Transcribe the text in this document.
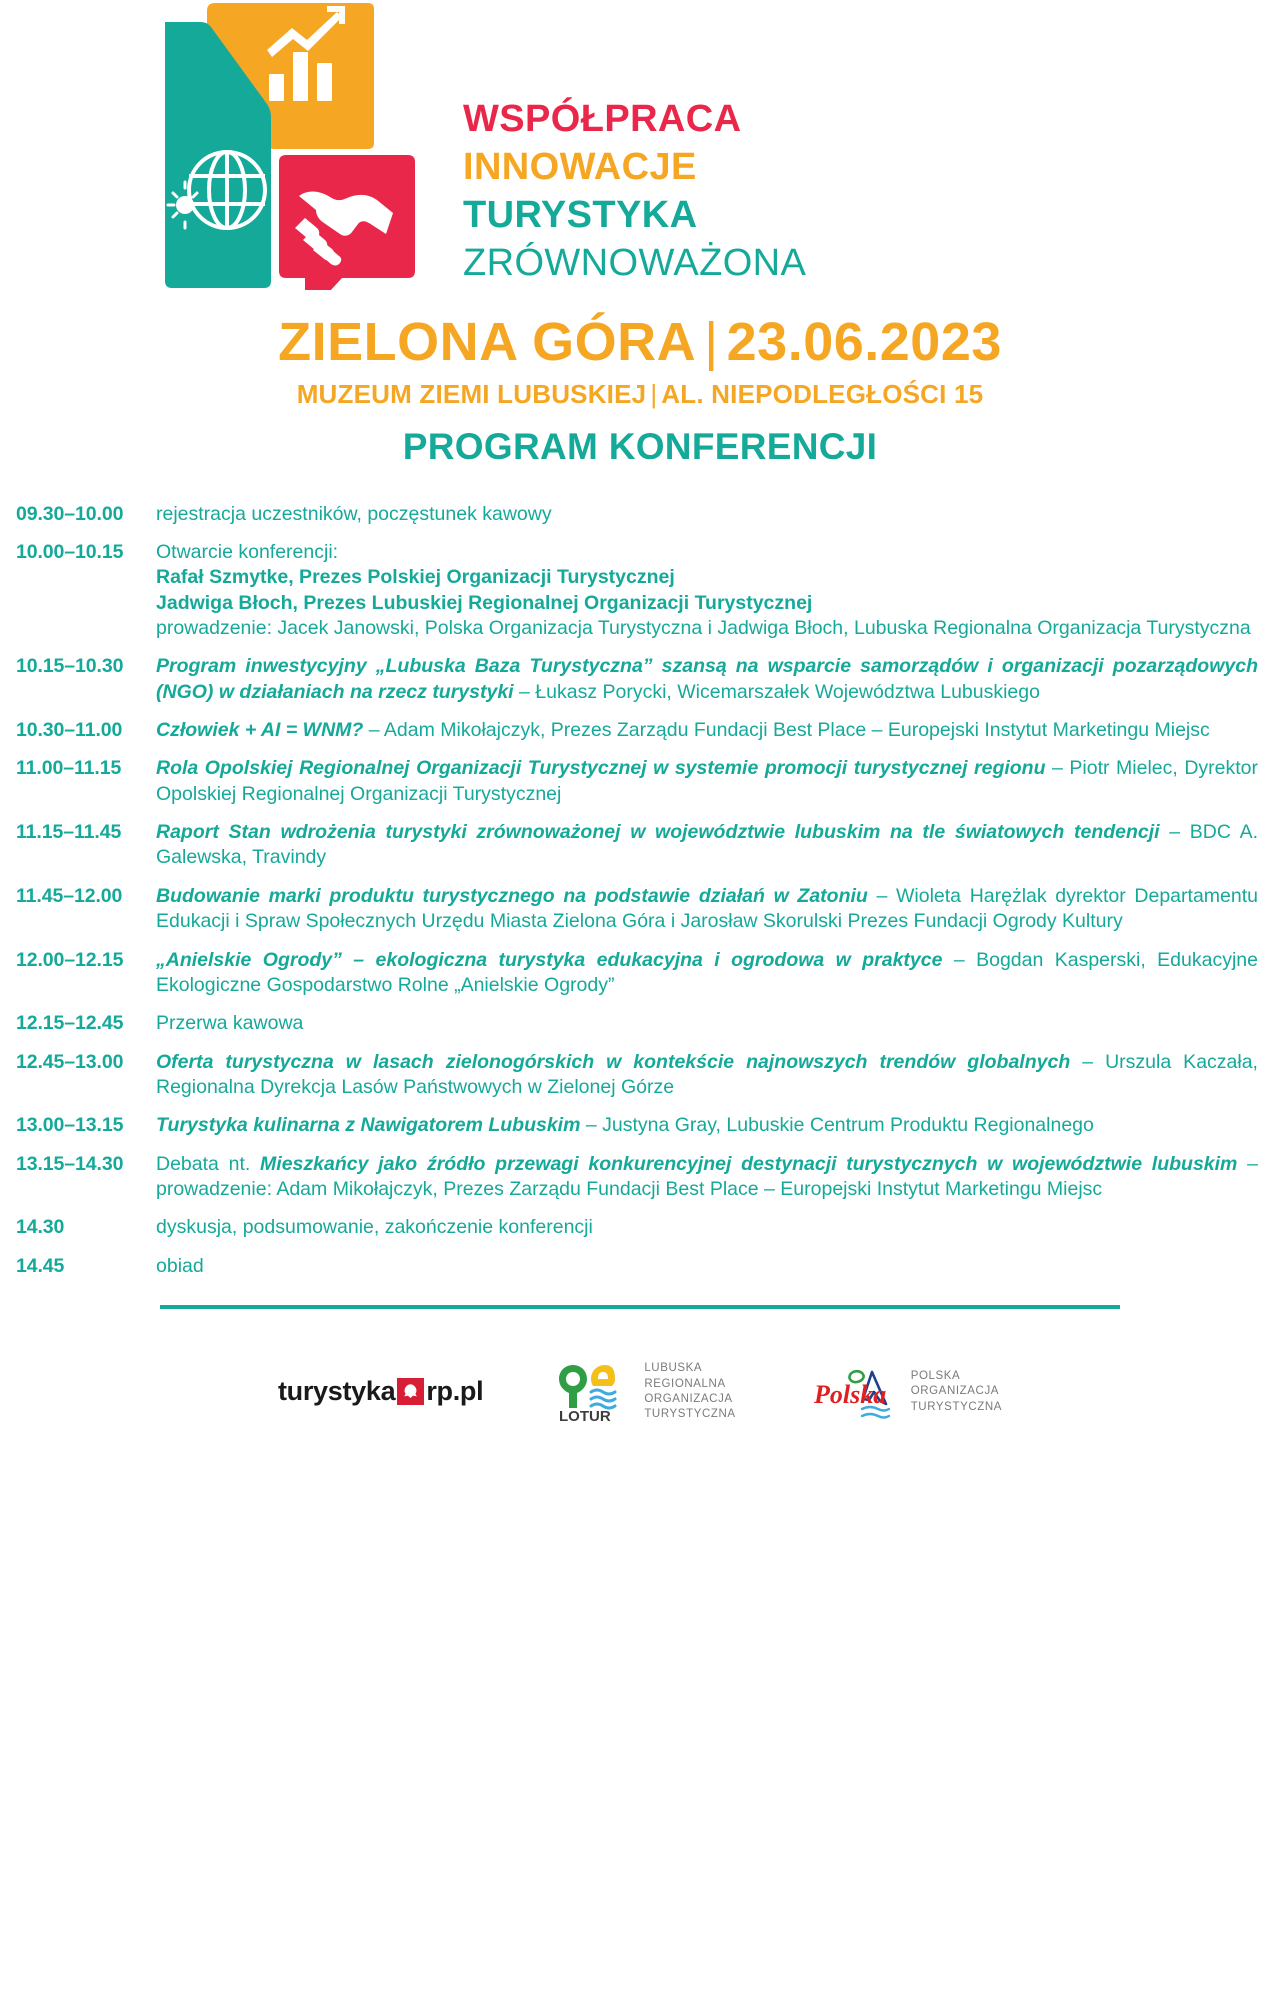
WSPÓŁPRACA
INNOWACJE
TURYSTYKA
ZRÓWNOWAŻONA
ZIELONA GÓRA | 23.06.2023
MUZEUM ZIEMI LUBUSKIEJ | AL. NIEPODLEGŁOŚCI 15
PROGRAM KONFERENCJI
09.30–10.00	rejestracja uczestników, poczęstunek kawowy

10.00–10.15	Otwarcie konferencji:

Rafał Szmytke, Prezes Polskiej Organizacji Turystycznej

Jadwiga Błoch, Prezes Lubuskiej Regionalnej Organizacji Turystycznej

prowadzenie: Jacek Janowski, Polska Organizacja Turystyczna i Jadwiga Błoch, Lubuska Regionalna Organizacja Turystyczna

10.15–10.30	Program inwestycyjny „Lubuska Baza Turystyczna” szansą na wsparcie samorządów i organizacji pozarządowych (NGO) w działaniach na rzecz turystyki – Łukasz Porycki, Wicemarszałek Województwa Lubuskiego

10.30–11.00	Człowiek + AI = WNM? – Adam Mikołajczyk, Prezes Zarządu Fundacji Best Place – Europejski Instytut Marketingu Miejsc

11.00–11.15	Rola Opolskiej Regionalnej Organizacji Turystycznej w systemie promocji turystycznej regionu – Piotr Mielec, Dyrektor Opolskiej Regionalnej Organizacji Turystycznej

11.15–11.45	Raport Stan wdrożenia turystyki zrównoważonej w województwie lubuskim na tle światowych tendencji – BDC A. Galewska, Travindy

11.45–12.00	Budowanie marki produktu turystycznego na podstawie działań w Zatoniu – Wioleta Harężlak dyrektor Departamentu Edukacji i Spraw Społecznych Urzędu Miasta Zielona Góra i Jarosław Skorulski Prezes Fundacji Ogrody Kultury

12.00–12.15	„Anielskie Ogrody” – ekologiczna turystyka edukacyjna i ogrodowa w praktyce – Bogdan Kasperski, Edukacyjne Ekologiczne Gospodarstwo Rolne „Anielskie Ogrody”

12.15–12.45	Przerwa kawowa

12.45–13.00	Oferta turystyczna w lasach zielonogórskich w kontekście najnowszych trendów globalnych – Urszula Kaczała, Regionalna Dyrekcja Lasów Państwowych w Zielonej Górze

13.00–13.15	Turystyka kulinarna z Nawigatorem Lubuskim – Justyna Gray, Lubuskie Centrum Produktu Regionalnego

13.15–14.30	Debata nt. Mieszkańcy jako źródło przewagi konkurencyjnej destynacji turystycznych w województwie lubuskim – prowadzenie: Adam Mikołajczyk, Prezes Zarządu Fundacji Best Place – Europejski Instytut Marketingu Miejsc

14.30	dyskusja, podsumowanie, zakończenie konferencji

14.45	obiad

turystyka rp.pl
LOTUR
LUBUSKA
REGIONALNA
ORGANIZACJA
TURYSTYCZNA
Polska
POLSKA
ORGANIZACJA
TURYSTYCZNA
